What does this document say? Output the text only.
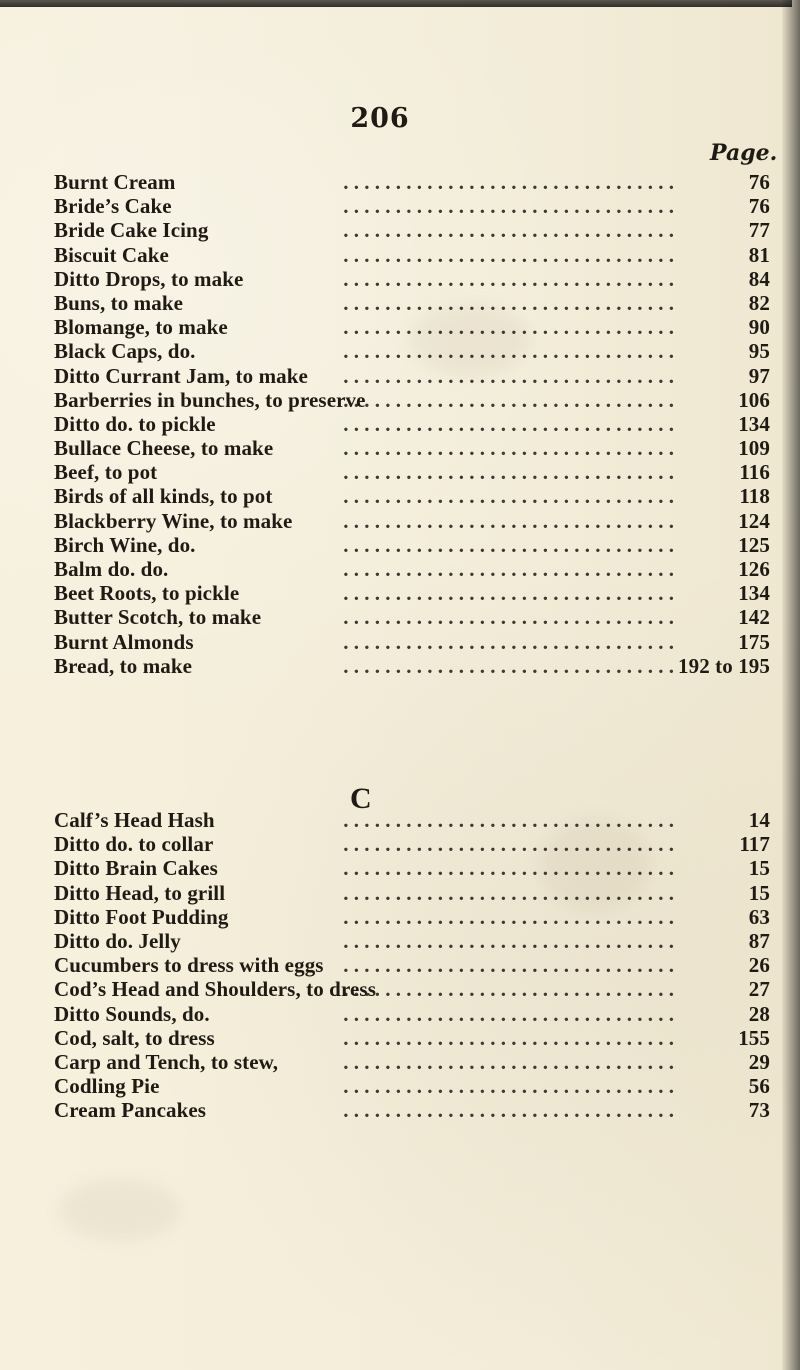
206
Page.
Burnt Cream . . .	76
Bride’s Cake . . .	76
Bride Cake Icing . . .	77
Biscuit Cake . . .	81
Ditto Drops, to make . . .	84
Buns, to make . . .	82
Blomange, to make . . .	90
Black Caps, do. . . .	95
Ditto Currant Jam, to make . . .	97
Barberries in bunches, to preserve . . .	106
Ditto do. to pickle . . .	134
Bullace Cheese, to make . . .	109
Beef, to pot . . .	116
Birds of all kinds, to pot . . .	118
Blackberry Wine, to make . . .	124
Birch Wine, do. . . .	125
Balm do. do. . . .	126
Beet Roots, to pickle . . .	134
Butter Scotch, to make . . .	142
Burnt Almonds . . .	175
Bread, to make . . .	192 to 195
C
Calf’s Head Hash . . .	14
Ditto do. to collar . . .	117
Ditto Brain Cakes . . .	15
Ditto Head, to grill . . .	15
Ditto Foot Pudding . . .	63
Ditto do. Jelly . . .	87
Cucumbers to dress with eggs . . .	26
Cod’s Head and Shoulders, to dress . . .	27
Ditto Sounds, do. . . .	28
Cod, salt, to dress . . .	155
Carp and Tench, to stew, . . .	29
Codling Pie . . .	56
Cream Pancakes . . .	73
